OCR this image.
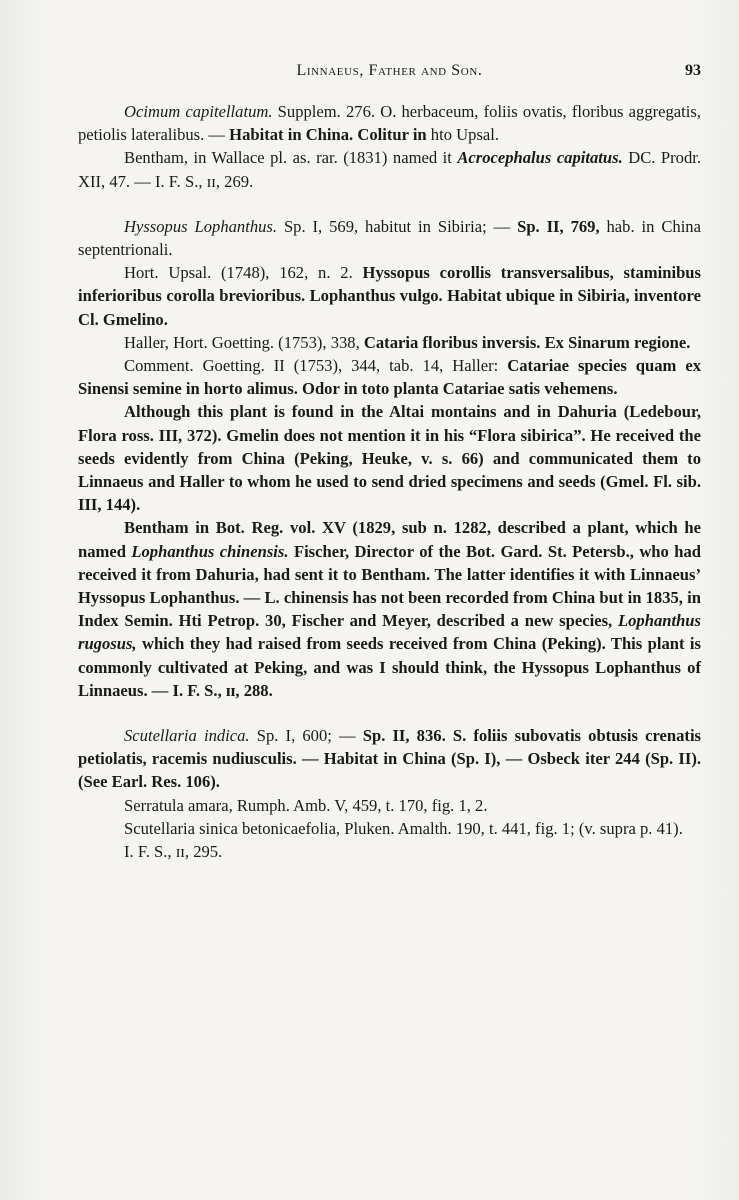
Linnaeus, Father and Son.	93

Ocimum capitellatum. Supplem. 276. O. herbaceum, foliis ovatis, floribus aggregatis, petiolis lateralibus. — Habitat in China. Colitur in hto Upsal.

Bentham, in Wallace pl. as. rar. (1831) named it Acrocephalus capitatus. DC. Prodr. XII, 47. — I. F. S., ɪɪ, 269.

Hyssopus Lophanthus. Sp. I, 569, habitut in Sibiria; — Sp. II, 769, hab. in China septentrionali.

Hort. Upsal. (1748), 162, n. 2. Hyssopus corollis transversalibus, staminibus inferioribus corolla brevioribus. Lophanthus vulgo. Habitat ubique in Sibiria, inventore Cl. Gmelino.

Haller, Hort. Goetting. (1753), 338, Cataria floribus inversis. Ex Sinarum regione.

Comment. Goetting. II (1753), 344, tab. 14, Haller: Catariae species quam ex Sinensi semine in horto alimus. Odor in toto planta Catariae satis vehemens.

Although this plant is found in the Altai montains and in Dahuria (Ledebour, Flora ross. III, 372). Gmelin does not mention it in his “Flora sibirica”. He received the seeds evidently from China (Peking, Heuke, v. s. 66) and communicated them to Linnaeus and Haller to whom he used to send dried specimens and seeds (Gmel. Fl. sib. III, 144).

Bentham in Bot. Reg. vol. XV (1829, sub n. 1282, described a plant, which he named Lophanthus chinensis. Fischer, Director of the Bot. Gard. St. Petersb., who had received it from Dahuria, had sent it to Bentham. The latter identifies it with Linnaeus’ Hyssopus Lophanthus. — L. chinensis has not been recorded from China but in 1835, in Index Semin. Hti Petrop. 30, Fischer and Meyer, described a new species, Lophanthus rugosus, which they had raised from seeds received from China (Peking). This plant is commonly cultivated at Peking, and was I should think, the Hyssopus Lophanthus of Linnaeus. — I. F. S., ɪɪ, 288.

Scutellaria indica. Sp. I, 600; — Sp. II, 836. S. foliis subovatis obtusis crenatis petiolatis, racemis nudiusculis. — Habitat in China (Sp. I), — Osbeck iter 244 (Sp. II). (See Earl. Res. 106).

Serratula amara, Rumph. Amb. V, 459, t. 170, fig. 1, 2.

Scutellaria sinica betonicaefolia, Pluken. Amalth. 190, t. 441, fig. 1; (v. supra p. 41).

I. F. S., ɪɪ, 295.
